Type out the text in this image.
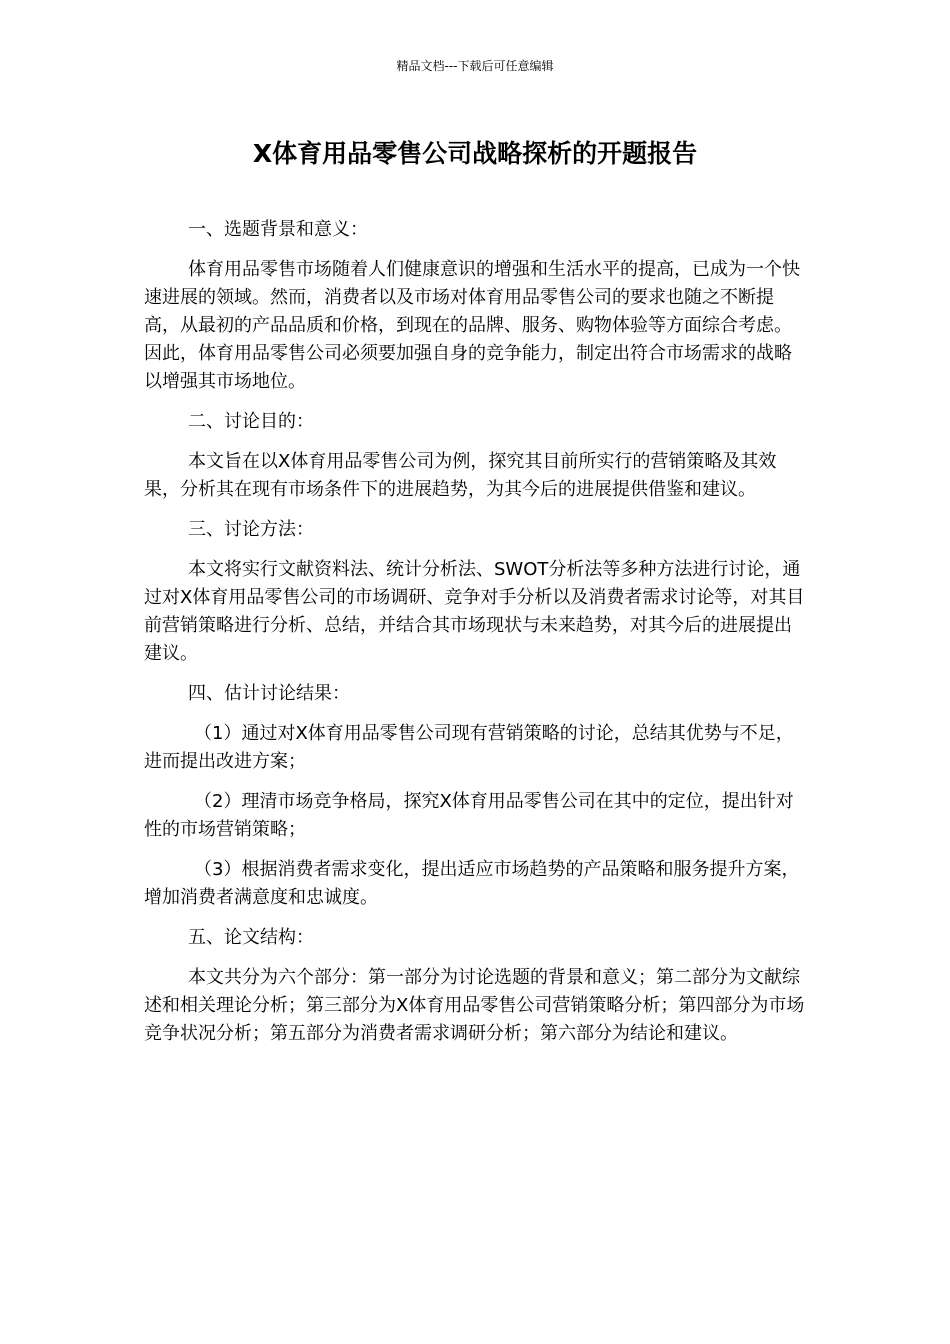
精品文档---下载后可任意编辑
X体育用品零售公司战略探析的开题报告

一、选题背景和意义：

体育用品零售市场随着人们健康意识的增强和生活水平的提高，已成为一个快速进展的领域。然而，消费者以及市场对体育用品零售公司的要求也随之不断提高，从最初的产品品质和价格，到现在的品牌、服务、购物体验等方面综合考虑。因此，体育用品零售公司必须要加强自身的竞争能力，制定出符合市场需求的战略以增强其市场地位。

二、讨论目的：

本文旨在以X体育用品零售公司为例，探究其目前所实行的营销策略及其效果，分析其在现有市场条件下的进展趋势，为其今后的进展提供借鉴和建议。

三、讨论方法：

本文将实行文献资料法、统计分析法、SWOT分析法等多种方法进行讨论，通过对X体育用品零售公司的市场调研、竞争对手分析以及消费者需求讨论等，对其目前营销策略进行分析、总结，并结合其市场现状与未来趋势，对其今后的进展提出建议。

四、估计讨论结果：

（1）通过对X体育用品零售公司现有营销策略的讨论，总结其优势与不足，进而提出改进方案；

（2）理清市场竞争格局，探究X体育用品零售公司在其中的定位，提出针对性的市场营销策略；

（3）根据消费者需求变化，提出适应市场趋势的产品策略和服务提升方案，增加消费者满意度和忠诚度。

五、论文结构：

本文共分为六个部分：第一部分为讨论选题的背景和意义；第二部分为文献综述和相关理论分析；第三部分为X体育用品零售公司营销策略分析；第四部分为市场竞争状况分析；第五部分为消费者需求调研分析；第六部分为结论和建议。
